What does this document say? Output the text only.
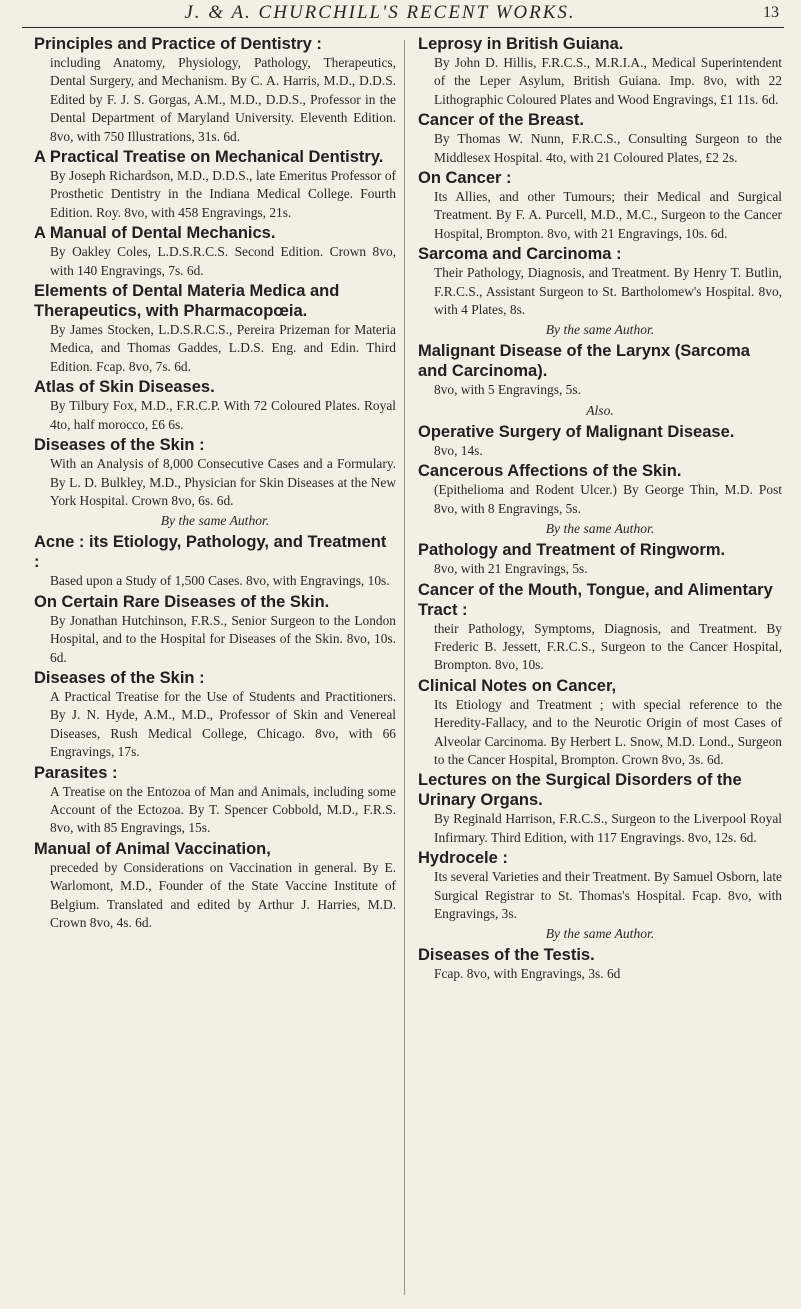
J. & A. CHURCHILL'S RECENT WORKS.	13
Principles and Practice of Dentistry :
including Anatomy, Physiology, Pathology, Therapeutics, Dental Surgery, and Mechanism. By C. A. Harris, M.D., D.D.S. Edited by F. J. S. Gorgas, A.M., M.D., D.D.S., Professor in the Dental Department of Maryland University. Eleventh Edition. 8vo, with 750 Illustrations, 31s. 6d.
A Practical Treatise on Mechanical Dentistry.
By Joseph Richardson, M.D., D.D.S., late Emeritus Professor of Prosthetic Dentistry in the Indiana Medical College. Fourth Edition. Roy. 8vo, with 458 Engravings, 21s.
A Manual of Dental Mechanics.
By Oakley Coles, L.D.S.R.C.S. Second Edition. Crown 8vo, with 140 Engravings, 7s. 6d.
Elements of Dental Materia Medica and Therapeutics, with Pharmacopœia.
By James Stocken, L.D.S.R.C.S., Pereira Prizeman for Materia Medica, and Thomas Gaddes, L.D.S. Eng. and Edin. Third Edition. Fcap. 8vo, 7s. 6d.
Atlas of Skin Diseases.
By Tilbury Fox, M.D., F.R.C.P. With 72 Coloured Plates. Royal 4to, half morocco, £6 6s.
Diseases of the Skin :
With an Analysis of 8,000 Consecutive Cases and a Formulary. By L. D. Bulkley, M.D., Physician for Skin Diseases at the New York Hospital. Crown 8vo, 6s. 6d.
By the same Author.
Acne : its Etiology, Pathology, and Treatment :
Based upon a Study of 1,500 Cases. 8vo, with Engravings, 10s.
On Certain Rare Diseases of the Skin.
By Jonathan Hutchinson, F.R.S., Senior Surgeon to the London Hospital, and to the Hospital for Diseases of the Skin. 8vo, 10s. 6d.
Diseases of the Skin :
A Practical Treatise for the Use of Students and Practitioners. By J. N. Hyde, A.M., M.D., Professor of Skin and Venereal Diseases, Rush Medical College, Chicago. 8vo, with 66 Engravings, 17s.
Parasites :
A Treatise on the Entozoa of Man and Animals, including some Account of the Ectozoa. By T. Spencer Cobbold, M.D., F.R.S. 8vo, with 85 Engravings, 15s.
Manual of Animal Vaccination,
preceded by Considerations on Vaccination in general. By E. Warlomont, M.D., Founder of the State Vaccine Institute of Belgium. Translated and edited by Arthur J. Harries, M.D. Crown 8vo, 4s. 6d.
Leprosy in British Guiana.
By John D. Hillis, F.R.C.S., M.R.I.A., Medical Superintendent of the Leper Asylum, British Guiana. Imp. 8vo, with 22 Lithographic Coloured Plates and Wood Engravings, £1 11s. 6d.
Cancer of the Breast.
By Thomas W. Nunn, F.R.C.S., Consulting Surgeon to the Middlesex Hospital. 4to, with 21 Coloured Plates, £2 2s.
On Cancer :
Its Allies, and other Tumours; their Medical and Surgical Treatment. By F. A. Purcell, M.D., M.C., Surgeon to the Cancer Hospital, Brompton. 8vo, with 21 Engravings, 10s. 6d.
Sarcoma and Carcinoma :
Their Pathology, Diagnosis, and Treatment. By Henry T. Butlin, F.R.C.S., Assistant Surgeon to St. Bartholomew's Hospital. 8vo, with 4 Plates, 8s.
By the same Author.
Malignant Disease of the Larynx (Sarcoma and Carcinoma).
8vo, with 5 Engravings, 5s.
Also.
Operative Surgery of Malignant Disease.
8vo, 14s.
Cancerous Affections of the Skin.
(Epithelioma and Rodent Ulcer.) By George Thin, M.D. Post 8vo, with 8 Engravings, 5s.
By the same Author.
Pathology and Treatment of Ringworm.
8vo, with 21 Engravings, 5s.
Cancer of the Mouth, Tongue, and Alimentary Tract :
their Pathology, Symptoms, Diagnosis, and Treatment. By Frederic B. Jessett, F.R.C.S., Surgeon to the Cancer Hospital, Brompton. 8vo, 10s.
Clinical Notes on Cancer,
Its Etiology and Treatment ; with special reference to the Heredity-Fallacy, and to the Neurotic Origin of most Cases of Alveolar Carcinoma. By Herbert L. Snow, M.D. Lond., Surgeon to the Cancer Hospital, Brompton. Crown 8vo, 3s. 6d.
Lectures on the Surgical Disorders of the Urinary Organs.
By Reginald Harrison, F.R.C.S., Surgeon to the Liverpool Royal Infirmary. Third Edition, with 117 Engravings. 8vo, 12s. 6d.
Hydrocele :
Its several Varieties and their Treatment. By Samuel Osborn, late Surgical Registrar to St. Thomas's Hospital. Fcap. 8vo, with Engravings, 3s.
By the same Author.
Diseases of the Testis.
Fcap. 8vo, with Engravings, 3s. 6d
